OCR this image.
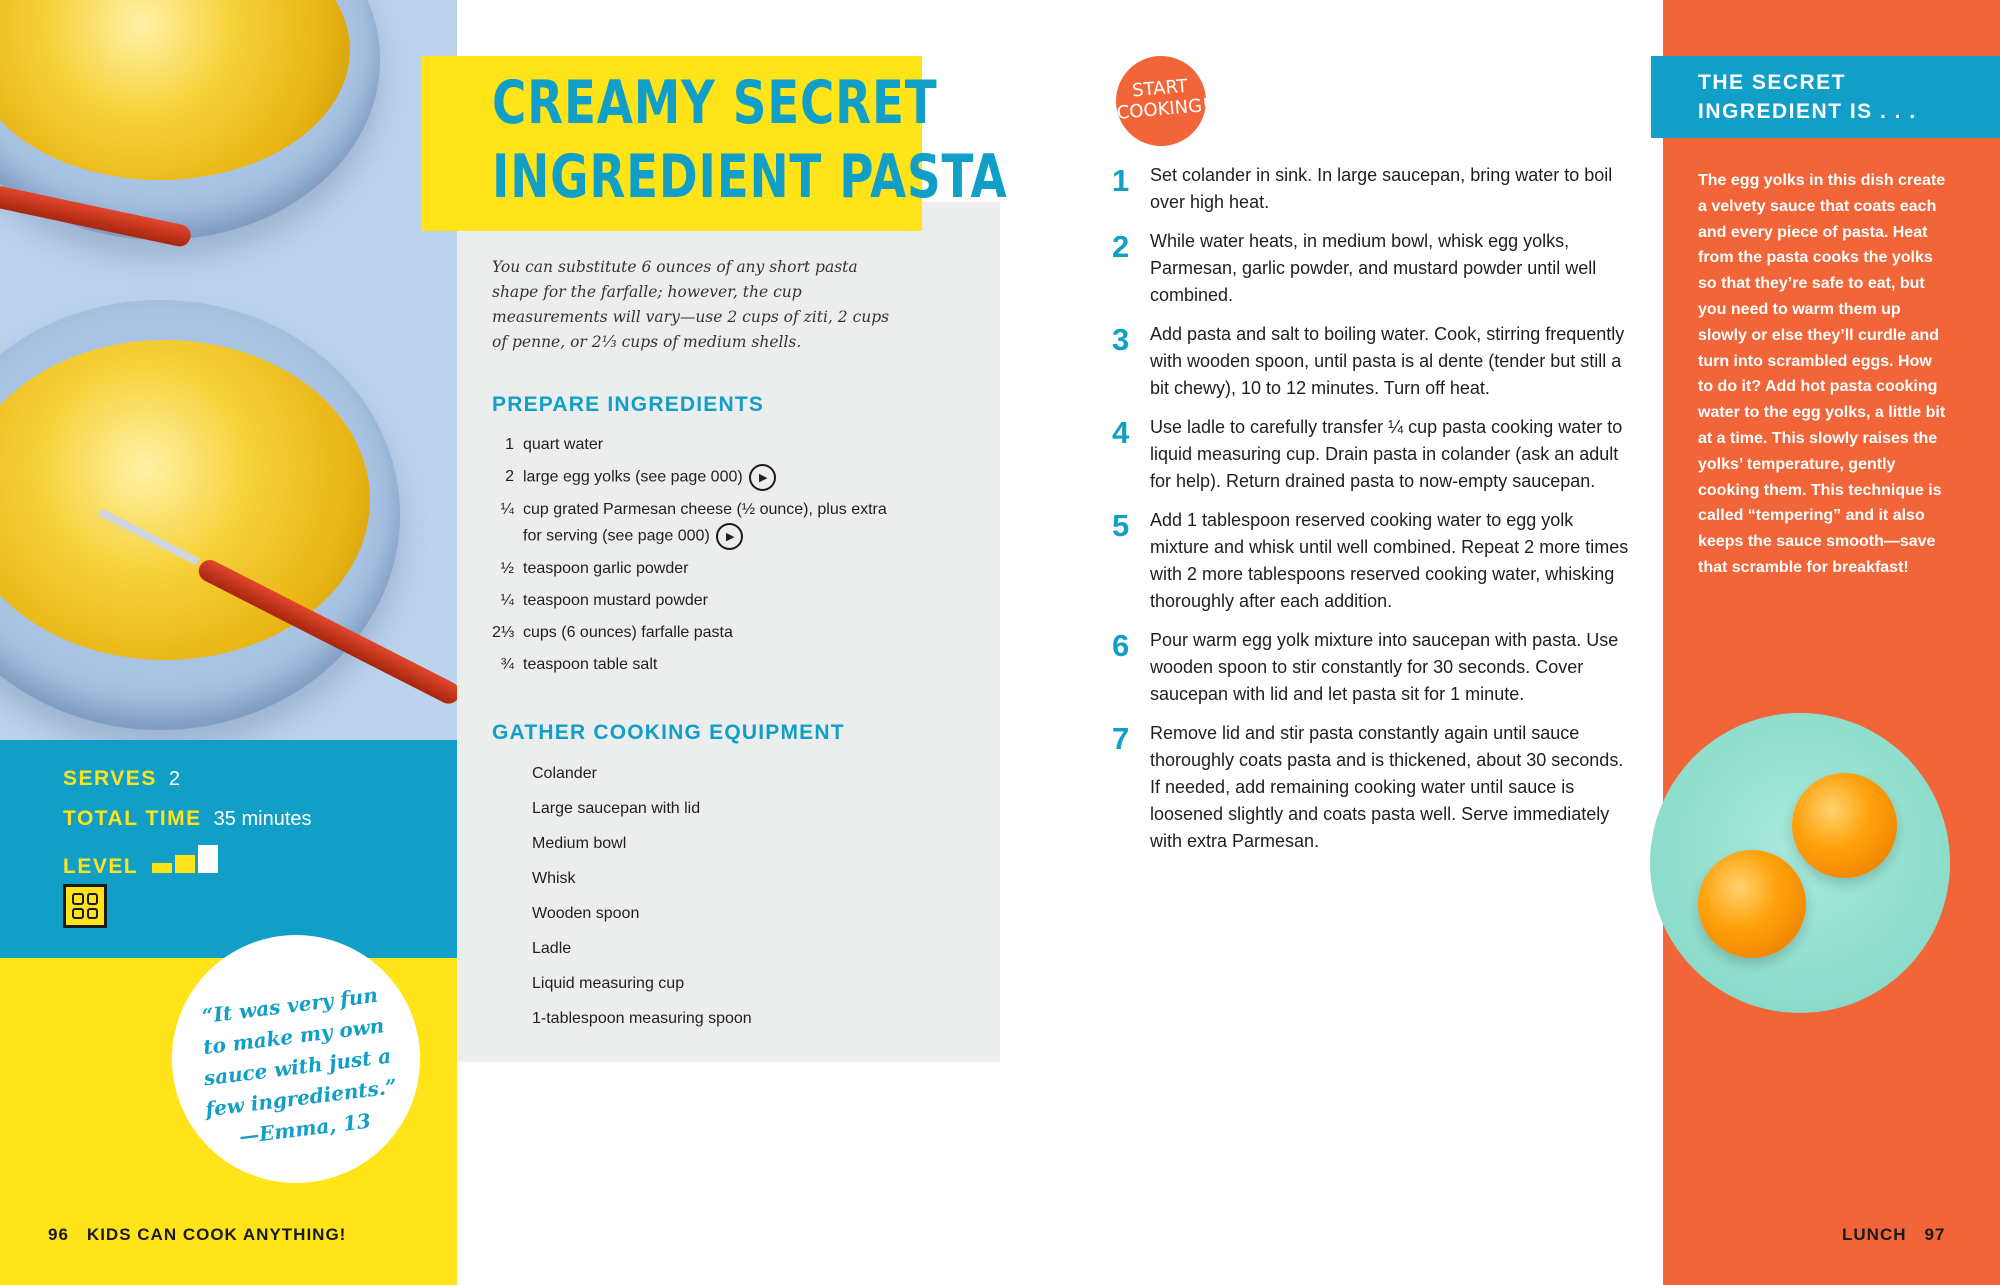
SERVES 2
TOTAL TIME 35 minutes
LEVEL
“It was very fun to make my own sauce with just a few ingredients.” —Emma, 13
96 KIDS CAN COOK ANYTHING!
CREAMY SECRET
INGREDIENT PASTA
You can substitute 6 ounces of any short pasta shape for the farfalle; however, the cup measurements will vary—use 2 cups of ziti, 2 cups of penne, or 2⅓ cups of medium shells.
PREPARE INGREDIENTS
1 quart water
2 large egg yolks (see page 000) ▶
¼ cup grated Parmesan cheese (½ ounce), plus extra for serving (see page 000) ▶
½ teaspoon garlic powder
¼ teaspoon mustard powder
2⅓ cups (6 ounces) farfalle pasta
¾ teaspoon table salt
GATHER COOKING EQUIPMENT
Colander
Large saucepan with lid
Medium bowl
Whisk
Wooden spoon
Ladle
Liquid measuring cup
1-tablespoon measuring spoon
START
COOKING!
1	Set colander in sink. In large saucepan, bring water to boil over high heat.
2	While water heats, in medium bowl, whisk egg yolks, Parmesan, garlic powder, and mustard powder until well combined.
3	Add pasta and salt to boiling water. Cook, stirring frequently with wooden spoon, until pasta is al dente (tender but still a bit chewy), 10 to 12 minutes. Turn off heat.
4	Use ladle to carefully transfer ¼ cup pasta cooking water to liquid measuring cup. Drain pasta in colander (ask an adult for help). Return drained pasta to now-empty saucepan.
5	Add 1 tablespoon reserved cooking water to egg yolk mixture and whisk until well combined. Repeat 2 more times with 2 more tablespoons reserved cooking water, whisking thoroughly after each addition.
6	Pour warm egg yolk mixture into saucepan with pasta. Use wooden spoon to stir constantly for 30 seconds. Cover saucepan with lid and let pasta sit for 1 minute.
7	Remove lid and stir pasta constantly again until sauce thoroughly coats pasta and is thickened, about 30 seconds. If needed, add remaining cooking water until sauce is loosened slightly and coats pasta well. Serve immediately with extra Parmesan.
THE SECRET INGREDIENT IS . . .
The egg yolks in this dish create a velvety sauce that coats each and every piece of pasta. Heat from the pasta cooks the yolks so that they’re safe to eat, but you need to warm them up slowly or else they’ll curdle and turn into scrambled eggs. How to do it? Add hot pasta cooking water to the egg yolks, a little bit at a time. This slowly raises the yolks’ temperature, gently cooking them. This technique is called “tempering” and it also keeps the sauce smooth—save that scramble for breakfast!
LUNCH 97
